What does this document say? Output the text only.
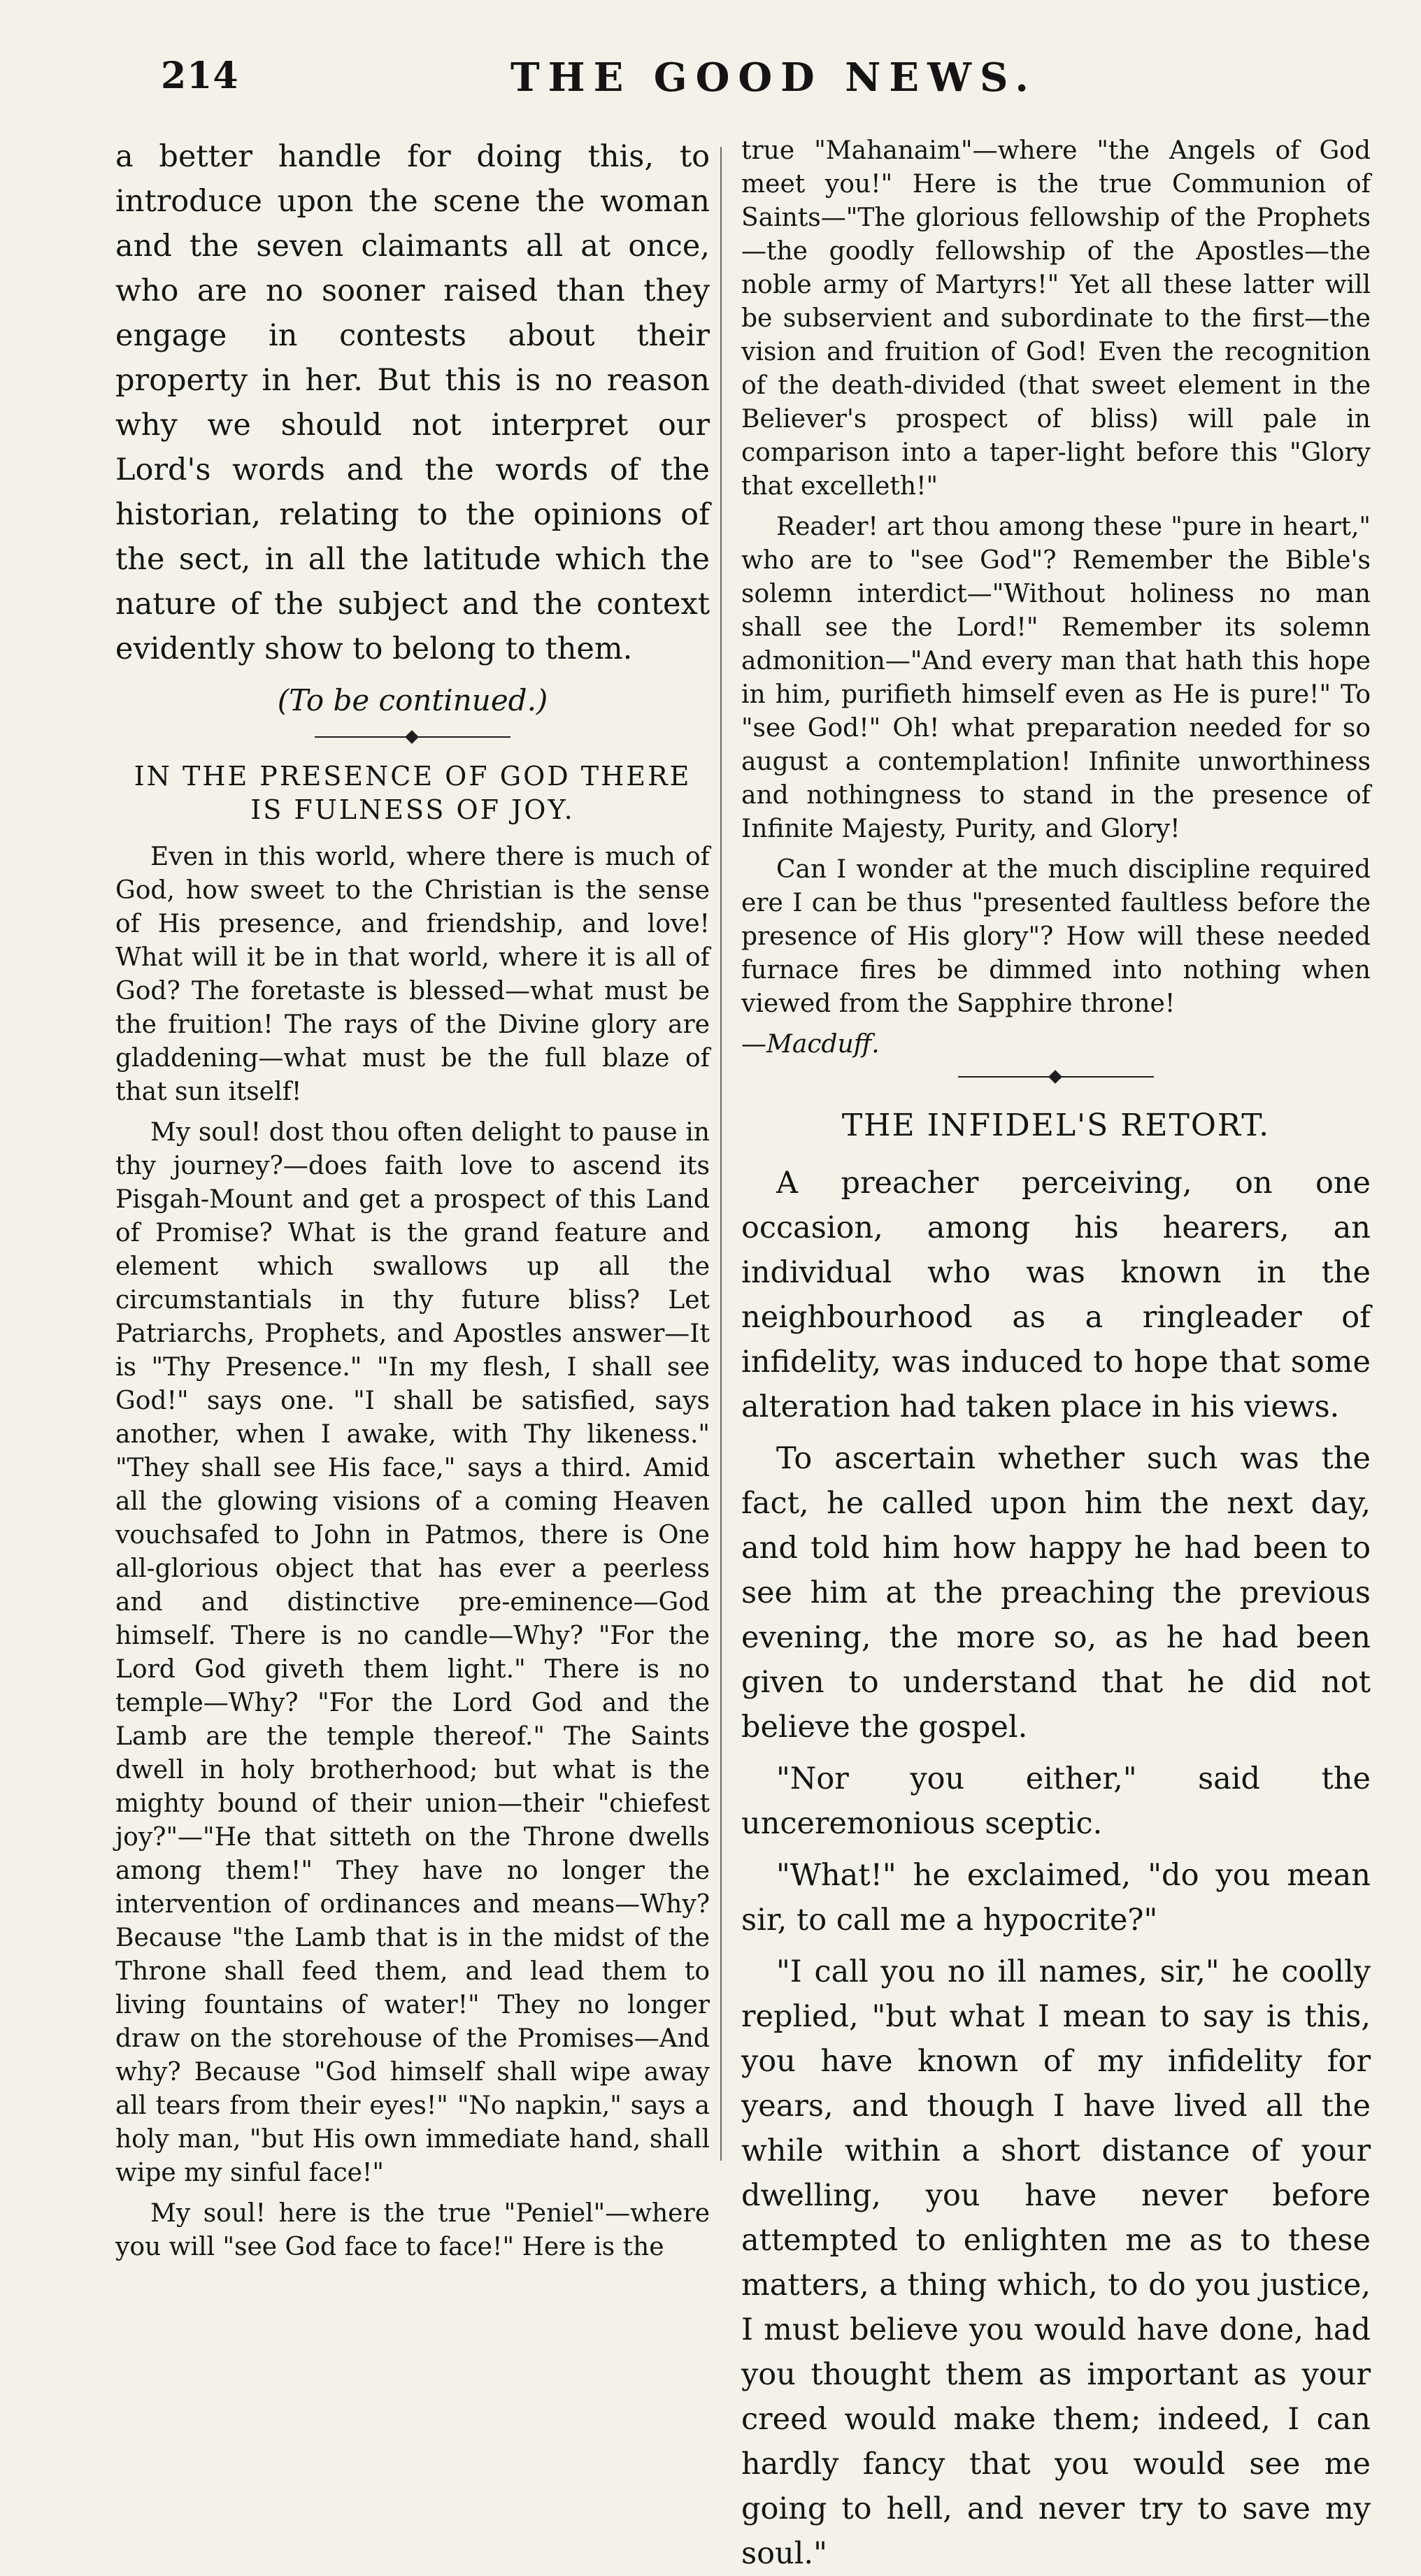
214	THE GOOD NEWS.

a better handle for doing this, to introduce upon the scene the woman and the seven claimants all at once, who are no sooner raised than they engage in contests about their property in her. But this is no reason why we should not interpret our Lord's words and the words of the historian, relating to the opinions of the sect, in all the latitude which the nature of the subject and the context evidently show to belong to them.

(To be continued.)
IN THE PRESENCE OF GOD THERE IS FULNESS OF JOY.

Even in this world, where there is much of God, how sweet to the Christian is the sense of His presence, and friendship, and love! What will it be in that world, where it is all of God? The foretaste is blessed—what must be the fruition! The rays of the Divine glory are gladdening—what must be the full blaze of that sun itself!

My soul! dost thou often delight to pause in thy journey?—does faith love to ascend its Pisgah-Mount and get a prospect of this Land of Promise? What is the grand feature and element which swallows up all the circumstantials in thy future bliss? Let Patriarchs, Prophets, and Apostles answer—It is "Thy Presence." "In my flesh, I shall see God!" says one. "I shall be satisfied, says another, when I awake, with Thy likeness." "They shall see His face," says a third. Amid all the glowing visions of a coming Heaven vouchsafed to John in Patmos, there is One all-glorious object that has ever a peerless and and distinctive pre-eminence—God himself. There is no candle—Why? "For the Lord God giveth them light." There is no temple—Why? "For the Lord God and the Lamb are the temple thereof." The Saints dwell in holy brotherhood; but what is the mighty bound of their union—their "chiefest joy?"—"He that sitteth on the Throne dwells among them!" They have no longer the intervention of ordinances and means—Why? Because "the Lamb that is in the midst of the Throne shall feed them, and lead them to living fountains of water!" They no longer draw on the storehouse of the Promises—And why? Because "God himself shall wipe away all tears from their eyes!" "No napkin," says a holy man, "but His own immediate hand, shall wipe my sinful face!"

My soul! here is the true "Peniel"—where you will "see God face to face!" Here is the

true "Mahanaim"—where "the Angels of God meet you!" Here is the true Communion of Saints—"The glorious fellowship of the Prophets—the goodly fellowship of the Apostles—the noble army of Martyrs!" Yet all these latter will be subservient and subordinate to the first—the vision and fruition of God! Even the recognition of the death-divided (that sweet element in the Believer's prospect of bliss) will pale in comparison into a taper-light before this "Glory that excelleth!"

Reader! art thou among these "pure in heart," who are to "see God"? Remember the Bible's solemn interdict—"Without holiness no man shall see the Lord!" Remember its solemn admonition—"And every man that hath this hope in him, purifieth himself even as He is pure!" To "see God!" Oh! what preparation needed for so august a contemplation! Infinite unworthiness and nothingness to stand in the presence of Infinite Majesty, Purity, and Glory!

Can I wonder at the much discipline required ere I can be thus "presented faultless before the presence of His glory"? How will these needed furnace fires be dimmed into nothing when viewed from the Sapphire throne!

—Macduff.

THE INFIDEL'S RETORT.

A preacher perceiving, on one occasion, among his hearers, an individual who was known in the neighbourhood as a ringleader of infidelity, was induced to hope that some alteration had taken place in his views.

To ascertain whether such was the fact, he called upon him the next day, and told him how happy he had been to see him at the preaching the previous evening, the more so, as he had been given to understand that he did not believe the gospel.

"Nor you either," said the unceremonious sceptic.

"What!" he exclaimed, "do you mean sir, to call me a hypocrite?"

"I call you no ill names, sir," he coolly replied, "but what I mean to say is this, you have known of my infidelity for years, and though I have lived all the while within a short distance of your dwelling, you have never before attempted to enlighten me as to these matters, a thing which, to do you justice, I must believe you would have done, had you thought them as important as your creed would make them; indeed, I can hardly fancy that you would see me going to hell, and never try to save my soul."
